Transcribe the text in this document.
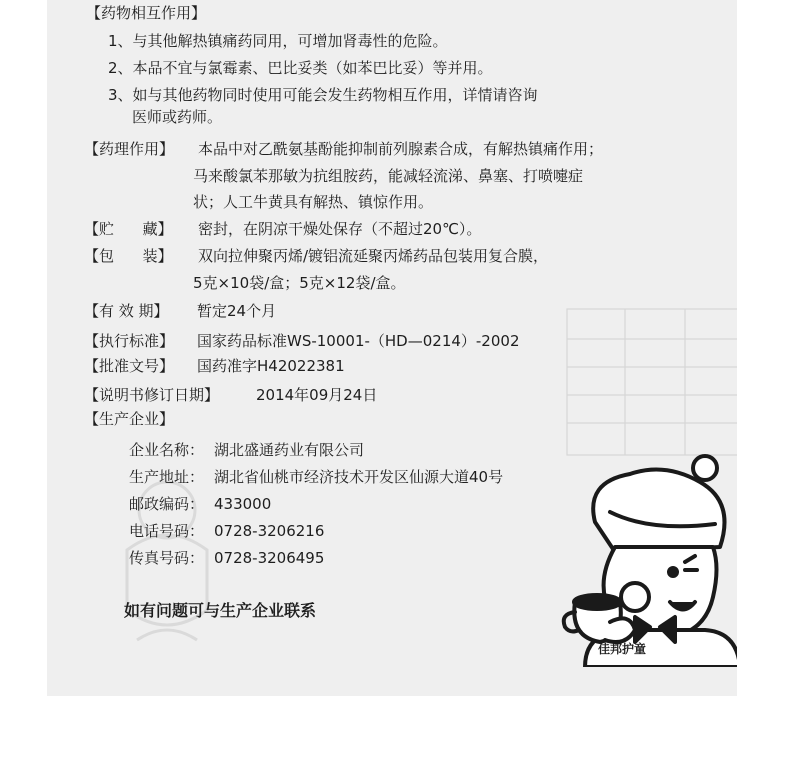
【药物相互作用】
1、与其他解热镇痛药同用，可增加肾毒性的危险。
2、本品不宜与氯霉素、巴比妥类（如苯巴比妥）等并用。
3、如与其他药物同时使用可能会发生药物相互作用，详情请咨询
医师或药师。
【药理作用】 本品中对乙酰氨基酚能抑制前列腺素合成，有解热镇痛作用；
马来酸氯苯那敏为抗组胺药，能减轻流涕、鼻塞、打喷嚏症
状；人工牛黄具有解热、镇惊作用。
【贮      藏】 密封，在阴凉干燥处保存（不超过20℃）。
【包      装】 双向拉伸聚丙烯/镀铝流延聚丙烯药品包装用复合膜，
5克×10袋/盒；5克×12袋/盒。
【有 效 期】 暂定24个月
【执行标准】 国家药品标准WS-10001-（HD—0214）-2002
【批准文号】 国药准字H42022381
【说明书修订日期】 2014年09月24日
【生产企业】
企业名称： 湖北盛通药业有限公司
生产地址： 湖北省仙桃市经济技术开发区仙源大道40号
邮政编码： 433000
电话号码： 0728-3206216
传真号码： 0728-3206495
如有问题可与生产企业联系
佳邦护童
